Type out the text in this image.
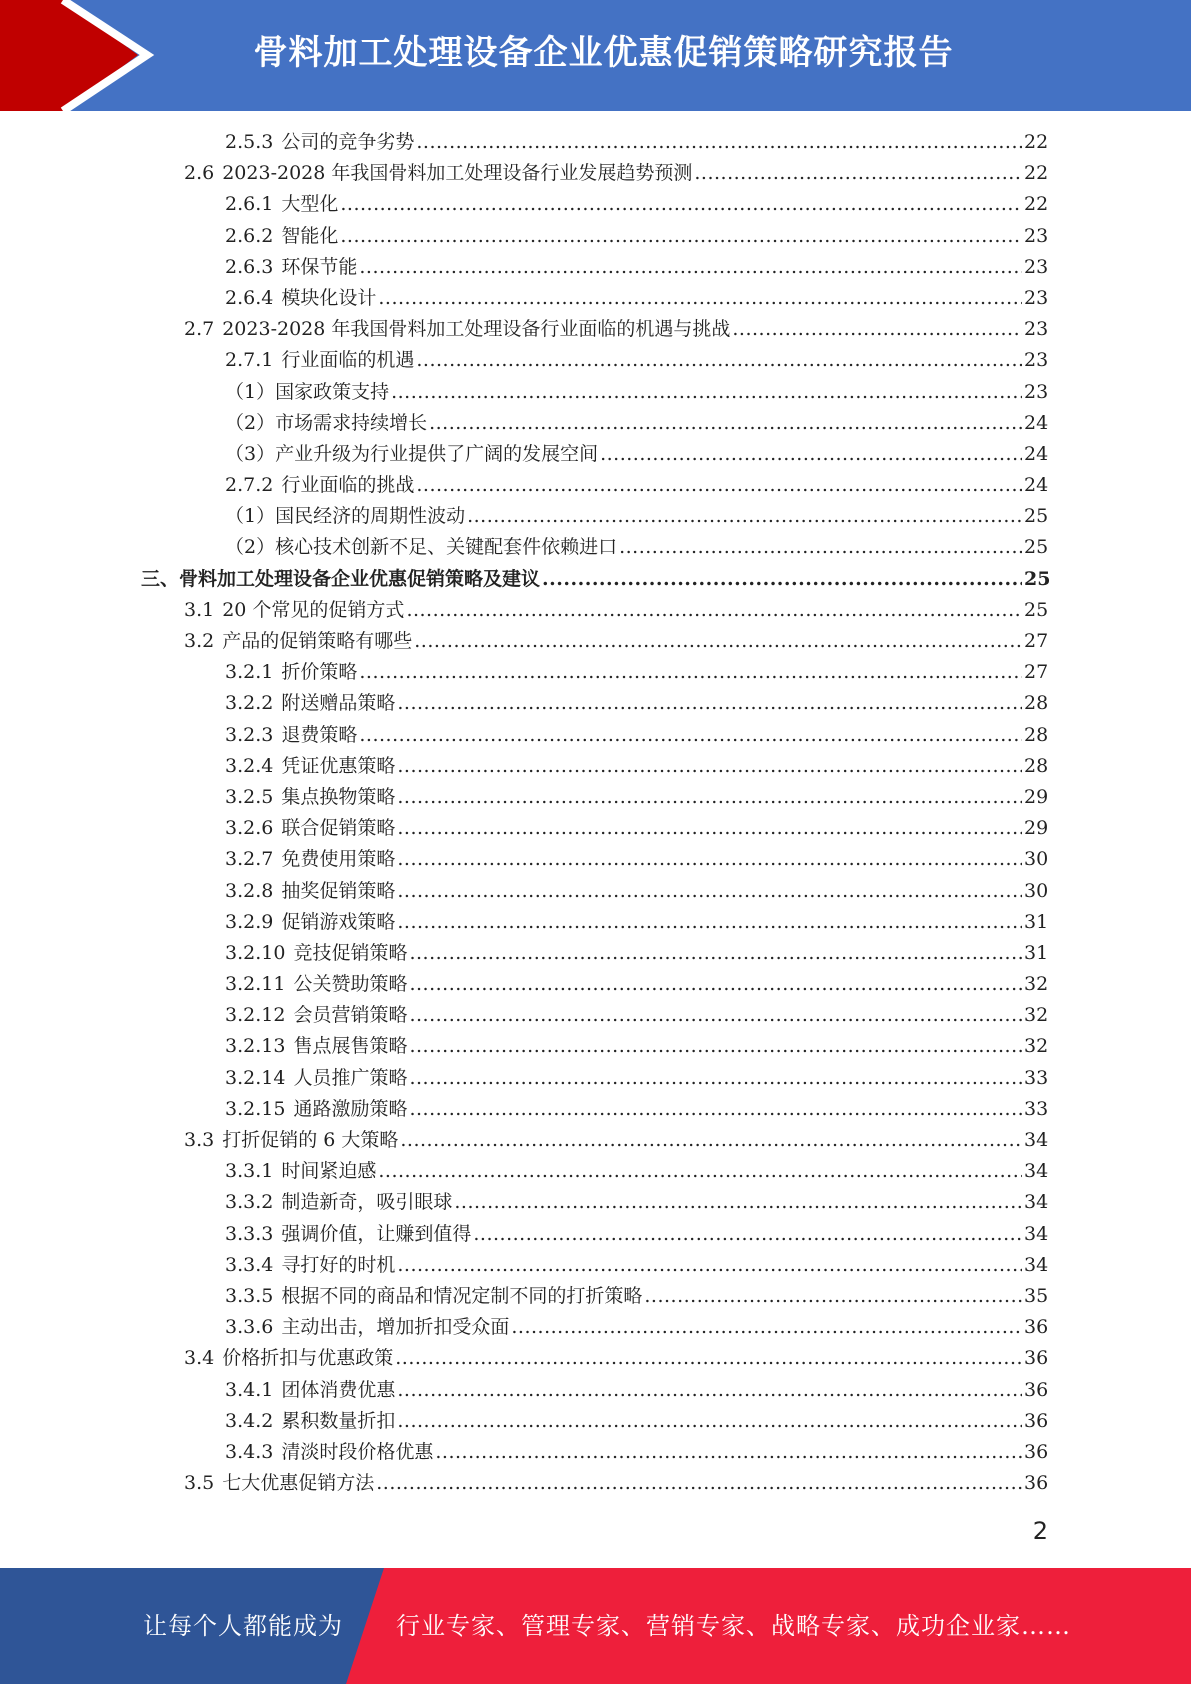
骨料加工处理设备企业优惠促销策略研究报告
2.5.3 公司的竞争劣势 .....	22
2.6 2023-2028 年我国骨料加工处理设备行业发展趋势预测 .....	22
2.6.1 大型化 .....	22
2.6.2 智能化 .....	23
2.6.3 环保节能 .....	23
2.6.4 模块化设计 .....	23
2.7 2023-2028 年我国骨料加工处理设备行业面临的机遇与挑战 .....	23
2.7.1 行业面临的机遇 .....	23
（1）国家政策支持 .....	23
（2）市场需求持续增长 .....	24
（3）产业升级为行业提供了广阔的发展空间 .....	24
2.7.2 行业面临的挑战 .....	24
（1）国民经济的周期性波动 .....	25
（2）核心技术创新不足、关键配套件依赖进口 .....	25
三、骨料加工处理设备企业优惠促销策略及建议 .....	25
3.1 20 个常见的促销方式 .....	25
3.2 产品的促销策略有哪些 .....	27
3.2.1 折价策略 .....	27
3.2.2 附送赠品策略 .....	28
3.2.3 退费策略 .....	28
3.2.4 凭证优惠策略 .....	28
3.2.5 集点换物策略 .....	29
3.2.6 联合促销策略 .....	29
3.2.7 免费使用策略 .....	30
3.2.8 抽奖促销策略 .....	30
3.2.9 促销游戏策略 .....	31
3.2.10 竞技促销策略 .....	31
3.2.11 公关赞助策略 .....	32
3.2.12 会员营销策略 .....	32
3.2.13 售点展售策略 .....	32
3.2.14 人员推广策略 .....	33
3.2.15 通路激励策略 .....	33
3.3 打折促销的 6 大策略 .....	34
3.3.1 时间紧迫感 .....	34
3.3.2 制造新奇，吸引眼球 .....	34
3.3.3 强调价值，让赚到值得 .....	34
3.3.4 寻打好的时机 .....	34
3.3.5 根据不同的商品和情况定制不同的打折策略 .....	35
3.3.6 主动出击，增加折扣受众面 .....	36
3.4 价格折扣与优惠政策 .....	36
3.4.1 团体消费优惠 .....	36
3.4.2 累积数量折扣 .....	36
3.4.3 清淡时段价格优惠 .....	36
3.5 七大优惠促销方法 .....	36
2
让每个人都能成为 行业专家、管理专家、营销专家、战略专家、成功企业家……
